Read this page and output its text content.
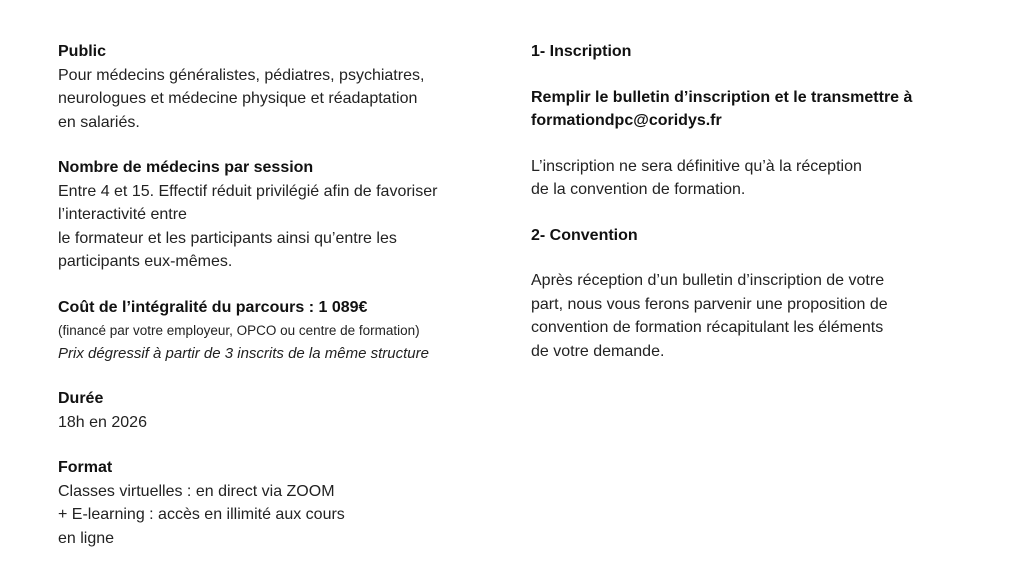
Public
Pour médecins généralistes, pédiatres, psychiatres,
neurologues et médecine physique et réadaptation
en salariés.
Nombre de médecins par session
Entre 4 et 15. Effectif réduit privilégié afin de favoriser
l’interactivité entre
le formateur et les participants ainsi qu’entre les
participants eux-mêmes.
Coût de l’intégralité du parcours : 1 089€
(financé par votre employeur, OPCO ou centre de formation)
Prix dégressif à partir de 3 inscrits de la même structure
Durée
18h en 2026
Format
Classes virtuelles : en direct via ZOOM
+ E-learning : accès en illimité aux cours
en ligne
1- Inscription
Remplir le bulletin d’inscription et le transmettre à
formationdpc@coridys.fr
L’inscription ne sera définitive qu’à la réception
de la convention de formation.
2- Convention
Après réception d’un bulletin d’inscription de votre
part, nous vous ferons parvenir une proposition de
convention de formation récapitulant les éléments
de votre demande.
